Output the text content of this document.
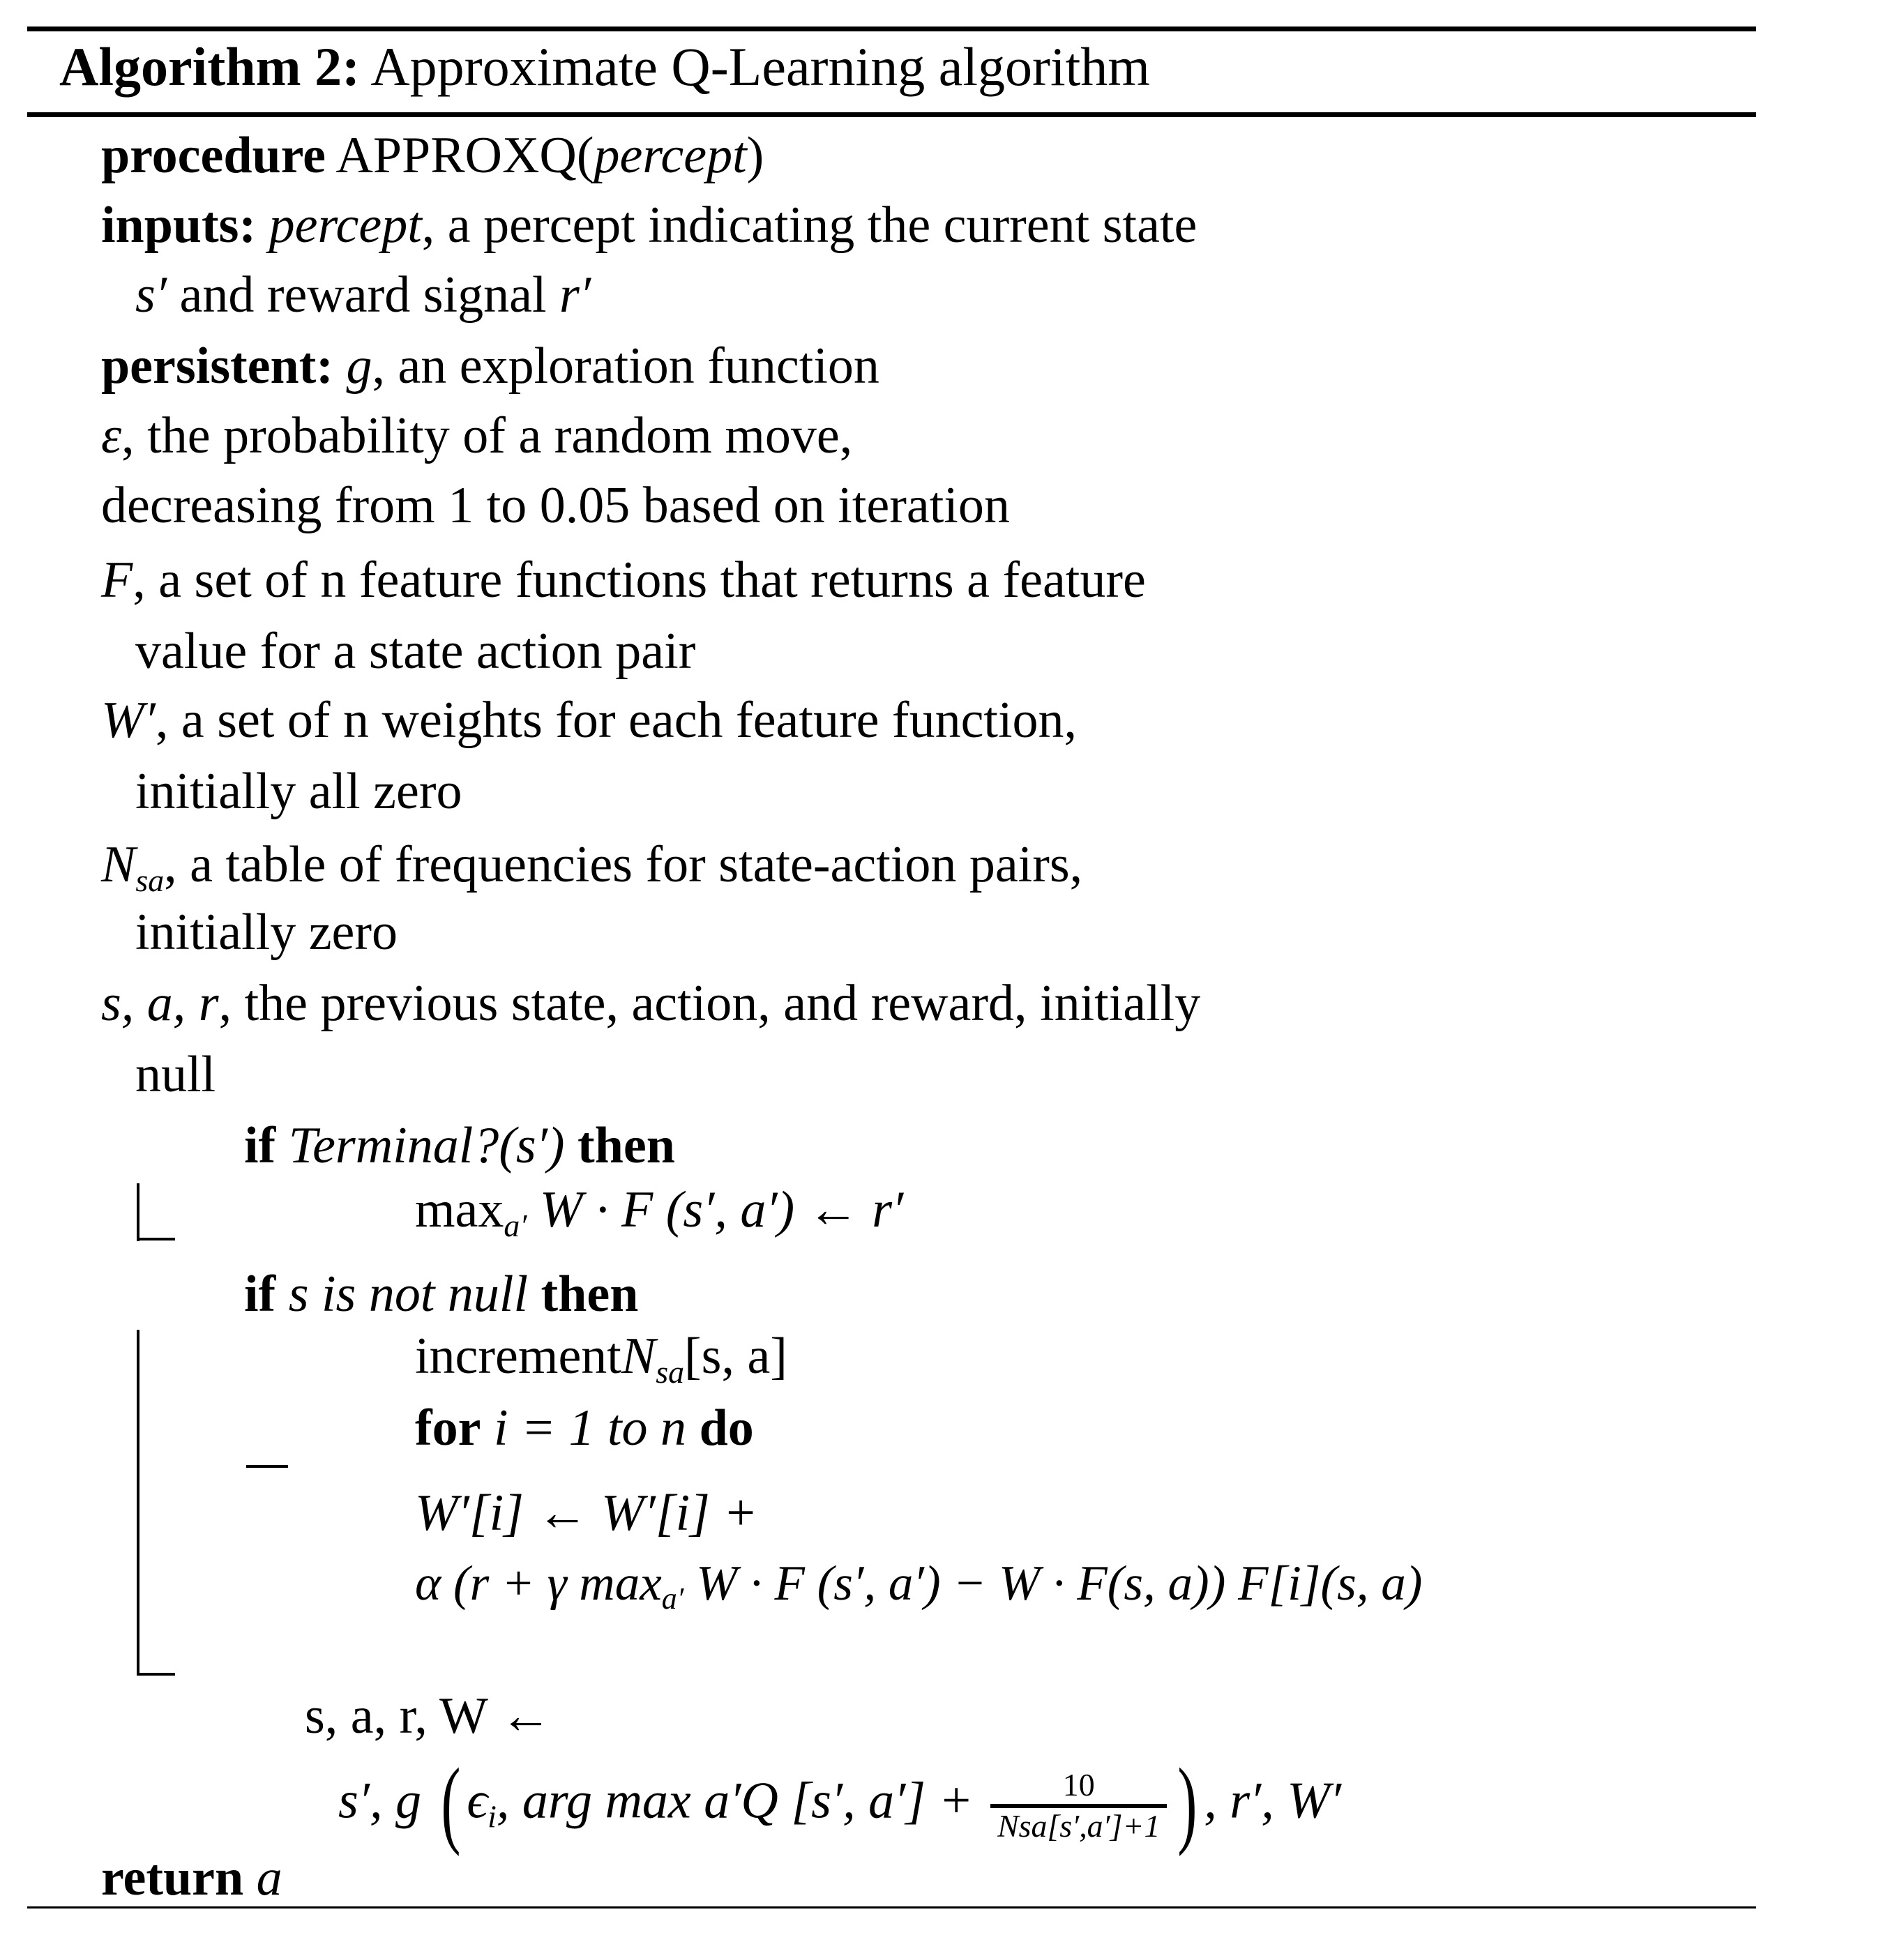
Algorithm 2: Approximate Q-Learning algorithm
procedure APPROXQ(percept)
inputs: percept, a percept indicating the current state
s′ and reward signal r′
persistent: g, an exploration function
ε, the probability of a random move,
decreasing from 1 to 0.05 based on iteration
F, a set of n feature functions that returns a feature
value for a state action pair
W′, a set of n weights for each feature function,
initially all zero
$N_{sa}$, a table of frequencies for state-action pairs,
initially zero
s, a, r, the previous state, action, and reward, initially
null
if Terminal?(s′) then
$\max_{a'} W \cdot F$ (s′, a′) ← r′
if s is not null then
incrementN$_{sa}$[s, a]
for i = 1 to n do
W′[i] ← W′[i] +
α (r + γ $\max_{a'} W \cdot F$ (s′, a′) − W · F(s, a)) F[i](s, a)
s, a, r, W ←
s′, g ( $\epsilon_i$, arg max a′Q [s′, $a'] + \frac{10}{\text{Nsa[s′,a′]+1}}$ ) , r′, W′
return a
